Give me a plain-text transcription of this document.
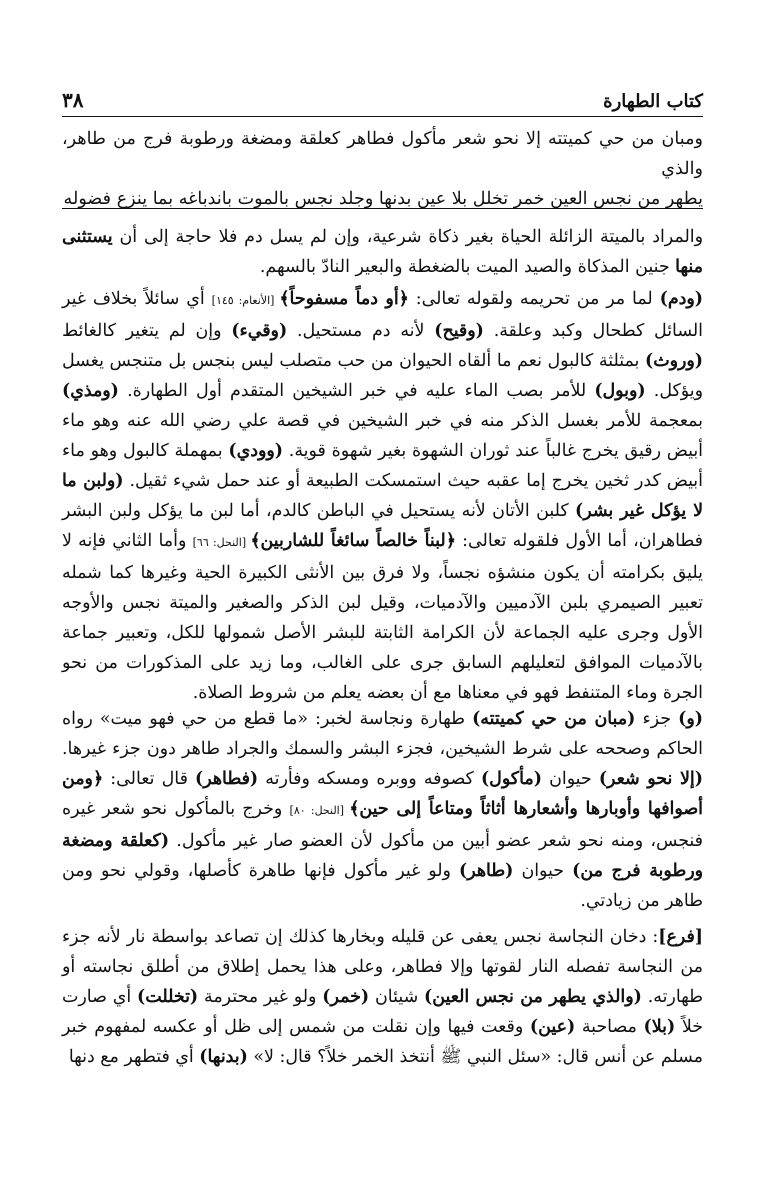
٣٨	كتاب الطهارة

ومبان من حي كميتته إلا نحو شعر مأكول فطاهر كعلقة ومضغة ورطوبة فرج من طاهر، والذي

يطهر من نجس العين خمر تخلل بلا عين بدنها وجلد نجس بالموت باندباغه بما ينزع فضوله

والمراد بالميتة الزائلة الحياة بغير ذكاة شرعية، وإن لم يسل دم فلا حاجة إلى أن يستثنى منها جنين المذكاة والصيد الميت بالضغطة والبعير النادّ بالسهم.

(ودم) لما مر من تحريمه ولقوله تعالى: ﴿أو دماً مسفوحاً﴾ [الأنعام: ١٤٥] أي سائلاً بخلاف غير السائل كطحال وكبد وعلقة. (وقيح) لأنه دم مستحيل. (وقيء) وإن لم يتغير كالغائط (وروث) بمثلثة كالبول نعم ما ألقاه الحيوان من حب متصلب ليس بنجس بل متنجس يغسل ويؤكل. (وبول) للأمر بصب الماء عليه في خبر الشيخين المتقدم أول الطهارة. (ومذي) بمعجمة للأمر بغسل الذكر منه في خبر الشيخين في قصة علي رضي الله عنه وهو ماء أبيض رقيق يخرج غالباً عند ثوران الشهوة بغير شهوة قوية. (وودي) بمهملة كالبول وهو ماء أبيض كدر ثخين يخرج إما عقبه حيث استمسكت الطبيعة أو عند حمل شيء ثقيل. (ولبن ما لا يؤكل غير بشر) كلبن الأتان لأنه يستحيل في الباطن كالدم، أما لبن ما يؤكل ولبن البشر فطاهران، أما الأول فلقوله تعالى: ﴿لبناً خالصاً سائغاً للشاربين﴾ [النحل: ٦٦] وأما الثاني فإنه لا يليق بكرامته أن يكون منشؤه نجساً، ولا فرق بين الأنثى الكبيرة الحية وغيرها كما شمله تعبير الصيمري بلبن الآدميين والآدميات، وقيل لبن الذكر والصغير والميتة نجس والأوجه الأول وجرى عليه الجماعة لأن الكرامة الثابتة للبشر الأصل شمولها للكل، وتعبير جماعة بالآدميات الموافق لتعليلهم السابق جرى على الغالب، وما زيد على المذكورات من نحو الجرة وماء المتنفط فهو في معناها مع أن بعضه يعلم من شروط الصلاة.

(و) جزء (مبان من حي كميتته) طهارة ونجاسة لخبر: «ما قطع من حي فهو ميت» رواه الحاكم وصححه على شرط الشيخين، فجزء البشر والسمك والجراد طاهر دون جزء غيرها. (إلا نحو شعر) حيوان (مأكول) كصوفه ووبره ومسكه وفأرته (فطاهر) قال تعالى: ﴿ومن أصوافها وأوبارها وأشعارها أثاثاً ومتاعاً إلى حين﴾ [النحل: ٨٠] وخرج بالمأكول نحو شعر غيره فنجس، ومنه نحو شعر عضو أبين من مأكول لأن العضو صار غير مأكول. (كعلقة ومضغة ورطوبة فرج من) حيوان (طاهر) ولو غير مأكول فإنها طاهرة كأصلها، وقولي نحو ومن طاهر من زيادتي.

[فرع]: دخان النجاسة نجس يعفى عن قليله وبخارها كذلك إن تصاعد بواسطة نار لأنه جزء من النجاسة تفصله النار لقوتها وإلا فطاهر، وعلى هذا يحمل إطلاق من أطلق نجاسته أو طهارته. (والذي يطهر من نجس العين) شيئان (خمر) ولو غير محترمة (تخللت) أي صارت خلاً (بلا) مصاحبة (عين) وقعت فيها وإن نقلت من شمس إلى ظل أو عكسه لمفهوم خبر مسلم عن أنس قال: «سئل النبي ﷺ أنتخذ الخمر خلاً؟ قال: لا» (بدنها) أي فتطهر مع دنها
